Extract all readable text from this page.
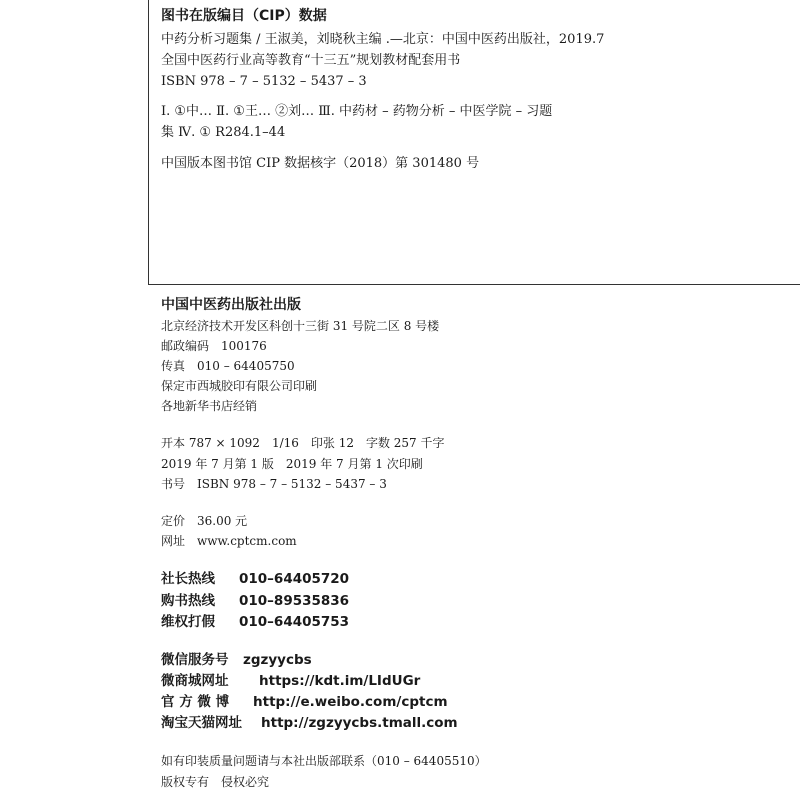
图书在版编目（CIP）数据
中药分析习题集 / 王淑美，刘晓秋主编 .—北京：中国中医药出版社，2019.7
全国中医药行业高等教育“十三五”规划教材配套用书
ISBN 978 – 7 – 5132 – 5437 – 3
Ⅰ. ①中… Ⅱ. ①王… ②刘… Ⅲ. 中药材 – 药物分析 – 中医学院 – 习题
集 Ⅳ. ① R284.1–44
中国版本图书馆 CIP 数据核字（2018）第 301480 号
中国中医药出版社出版
北京经济技术开发区科创十三街 31 号院二区 8 号楼
邮政编码　100176
传真　010 – 64405750
保定市西城胶印有限公司印刷
各地新华书店经销
开本 787 × 1092　1/16　印张 12　字数 257 千字
2019 年 7 月第 1 版　2019 年 7 月第 1 次印刷
书号　ISBN 978 – 7 – 5132 – 5437 – 3
定价　36.00 元
网址　www.cptcm.com
社长热线 010–64405720
购书热线 010–89535836
维权打假 010–64405753
微信服务号 zgzyycbs
微商城网址 https://kdt.im/LIdUGr
官 方 微 博 http://e.weibo.com/cptcm
淘宝天猫网址 http://zgzyycbs.tmall.com
如有印装质量问题请与本社出版部联系（010 – 64405510）
版权专有　侵权必究
